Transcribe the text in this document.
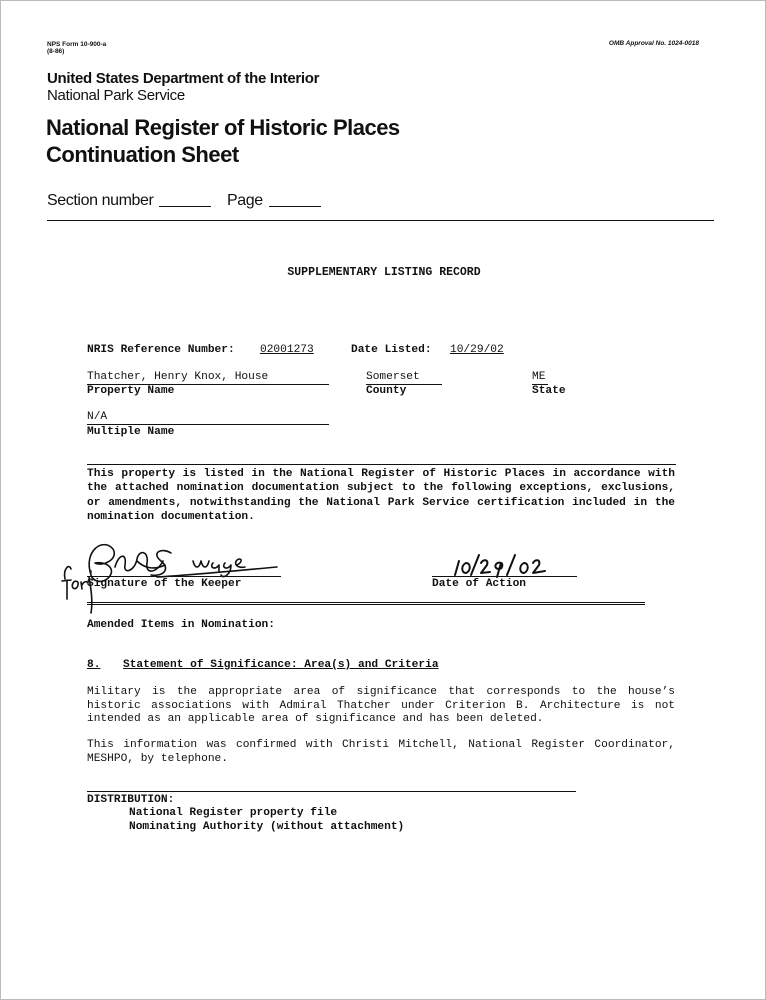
NPS Form 10-900-a
(8-86)
OMB Approval No. 1024-0018
United States Department of the Interior
National Park Service
National Register of Historic Places
Continuation Sheet
Section number	Page
SUPPLEMENTARY LISTING RECORD
NRIS Reference Number: 02001273	Date Listed: 10/29/02
Thatcher, Henry Knox, House
Property Name
Somerset
County
ME
State
N/A
Multiple Name
This property is listed in the National Register of Historic Places in accordance with the attached nomination documentation subject to the following exceptions, exclusions, or amendments, notwithstanding the National Park Service certification included in the nomination documentation.
Signature of the Keeper	Date of Action
Amended Items in Nomination:
8. Statement of Significance: Area(s) and Criteria
Military is the appropriate area of significance that corresponds to the house’s historic associations with Admiral Thatcher under Criterion B. Architecture is not intended as an applicable area of significance and has been deleted.
This information was confirmed with Christi Mitchell, National Register Coordinator, MESHPO, by telephone.
DISTRIBUTION:
National Register property file
Nominating Authority (without attachment)
